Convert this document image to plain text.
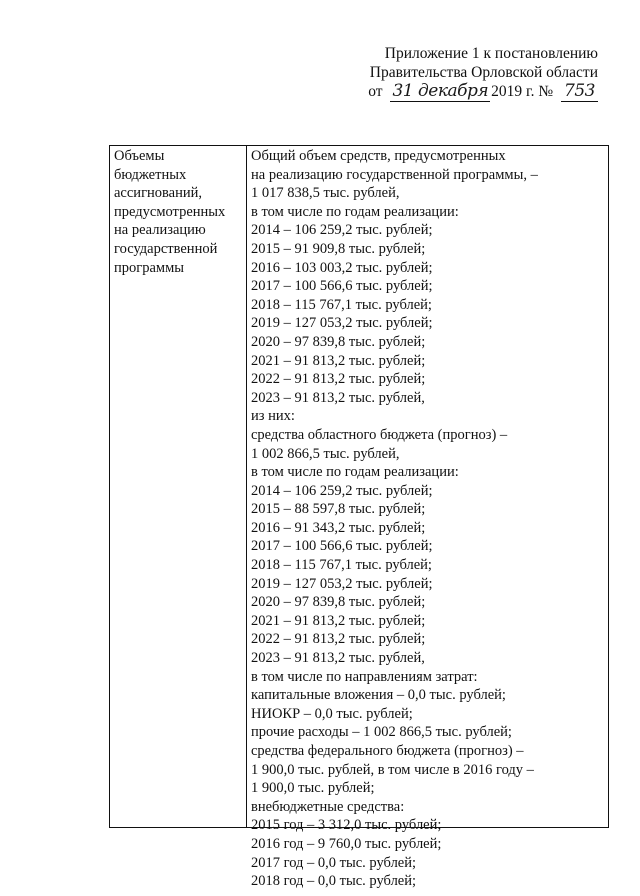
Приложение 1 к постановлению
Правительства Орловской области
от 31 декабря 2019 г. № 753
Объемы
бюджетных
ассигнований,
предусмотренных
на реализацию
государственной
программы
Общий объем средств, предусмотренных
на реализацию государственной программы, –
1 017 838,5 тыс. рублей,
в том числе по годам реализации:
2014 – 106 259,2 тыс. рублей;
2015 – 91 909,8 тыс. рублей;
2016 – 103 003,2 тыс. рублей;
2017 – 100 566,6 тыс. рублей;
2018 – 115 767,1 тыс. рублей;
2019 – 127 053,2 тыс. рублей;
2020 – 97 839,8 тыс. рублей;
2021 – 91 813,2 тыс. рублей;
2022 – 91 813,2 тыс. рублей;
2023 – 91 813,2 тыс. рублей,
из них:
средства областного бюджета (прогноз) –
1 002 866,5 тыс. рублей,
в том числе по годам реализации:
2014 – 106 259,2 тыс. рублей;
2015 – 88 597,8 тыс. рублей;
2016 – 91 343,2 тыс. рублей;
2017 – 100 566,6 тыс. рублей;
2018 – 115 767,1 тыс. рублей;
2019 – 127 053,2 тыс. рублей;
2020 – 97 839,8 тыс. рублей;
2021 – 91 813,2 тыс. рублей;
2022 – 91 813,2 тыс. рублей;
2023 – 91 813,2 тыс. рублей,
в том числе по направлениям затрат:
капитальные вложения – 0,0 тыс. рублей;
НИОКР – 0,0 тыс. рублей;
прочие расходы – 1 002 866,5 тыс. рублей;
средства федерального бюджета (прогноз) –
1 900,0 тыс. рублей, в том числе в 2016 году –
1 900,0 тыс. рублей;
внебюджетные средства:
2015 год – 3 312,0 тыс. рублей;
2016 год – 9 760,0 тыс. рублей;
2017 год – 0,0 тыс. рублей;
2018 год – 0,0 тыс. рублей;
